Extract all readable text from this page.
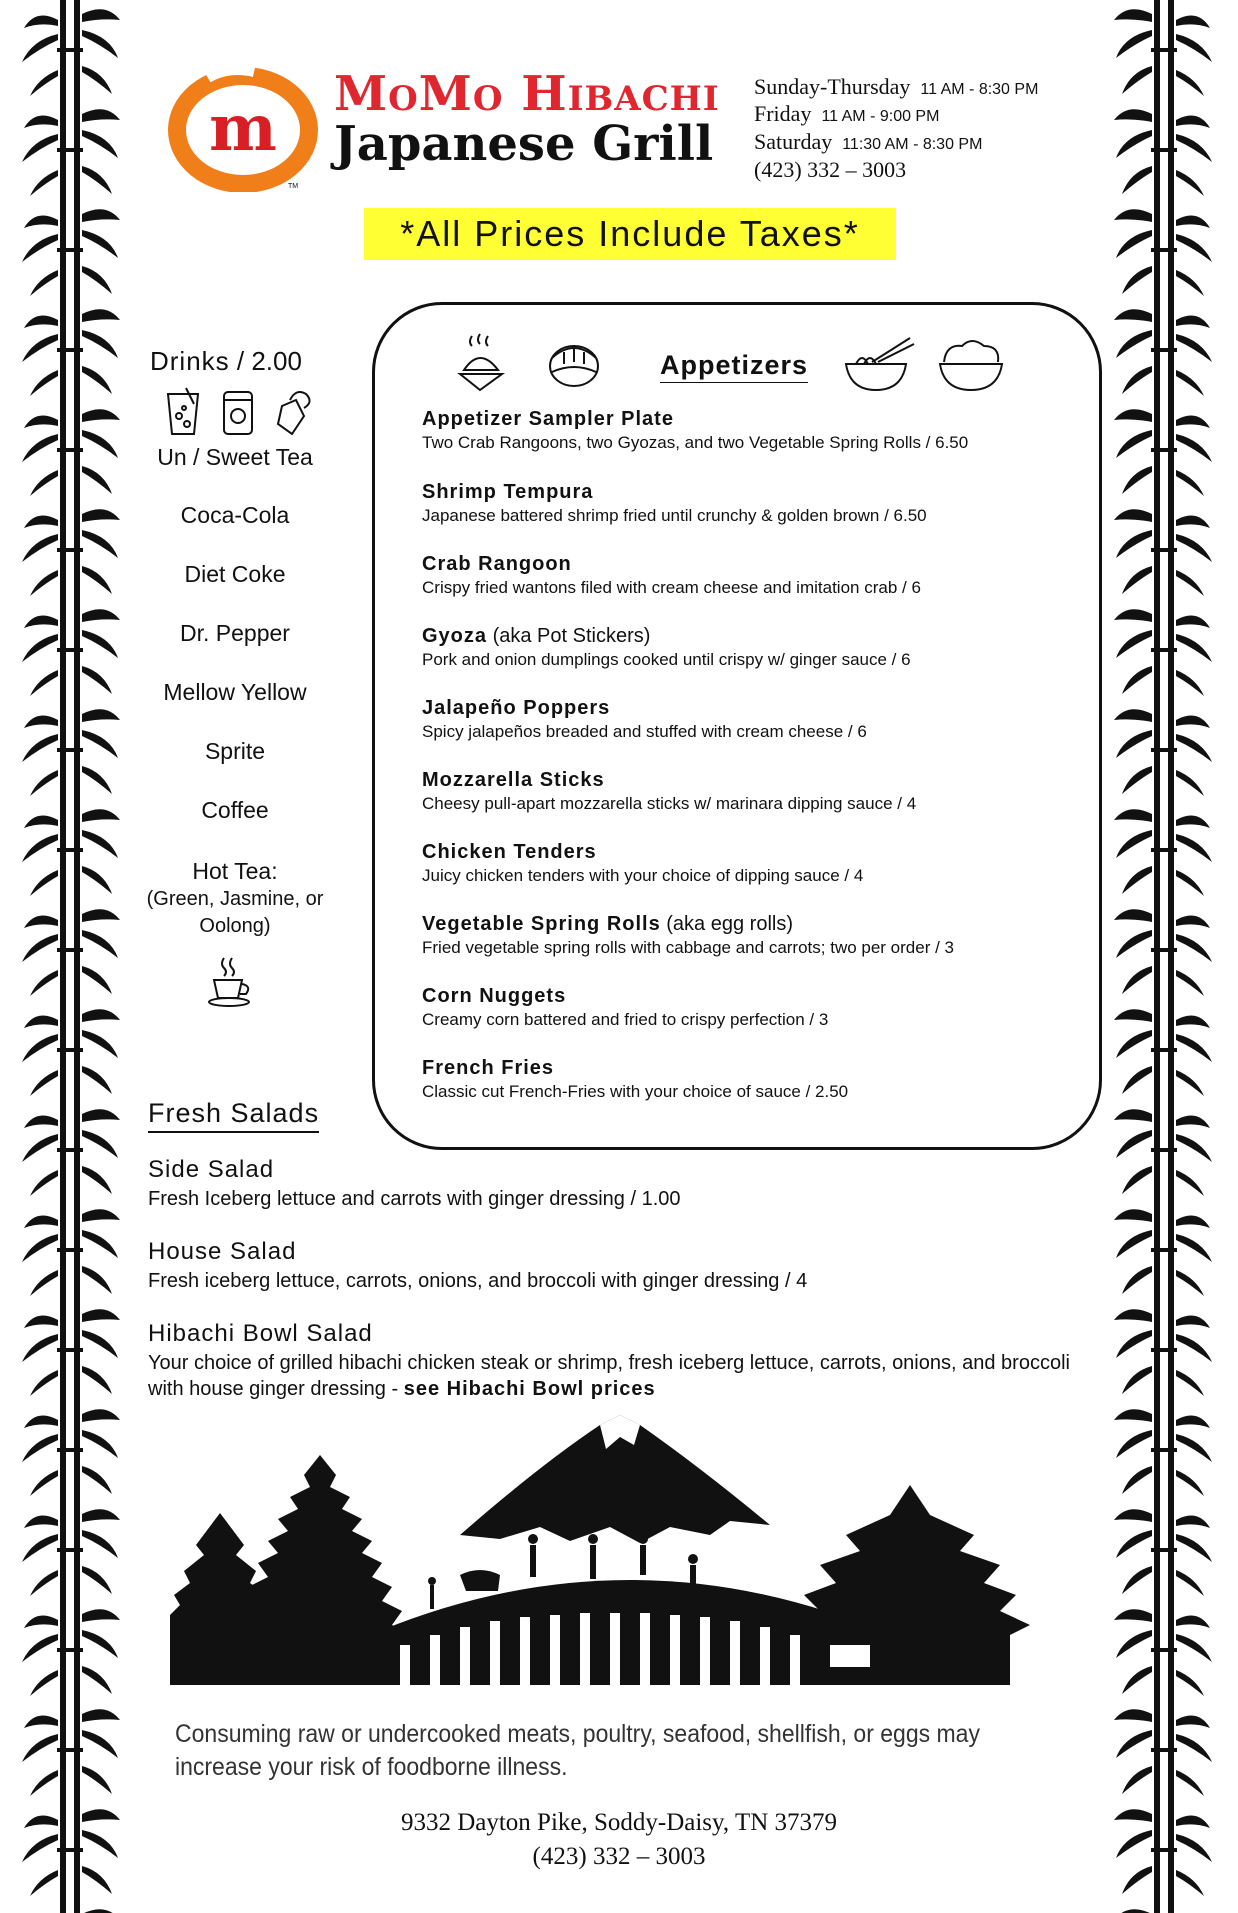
m
TM
MoMo Hibachi
Japanese Grill
Sunday-Thursday 11 AM - 8:30 PM
Friday 11 AM - 9:00 PM
Saturday 11:30 AM - 8:30 PM
(423) 332 – 3003
*All Prices Include Taxes*
Drinks / 2.00
Un / Sweet Tea
Coca-Cola
Diet Coke
Dr. Pepper
Mellow Yellow
Sprite
Coffee
Hot Tea:
(Green, Jasmine, or Oolong)
Appetizers
Appetizer Sampler Plate
Two Crab Rangoons, two Gyozas, and two Vegetable Spring Rolls / 6.50
Shrimp Tempura
Japanese battered shrimp fried until crunchy & golden brown / 6.50
Crab Rangoon
Crispy fried wantons filed with cream cheese and imitation crab / 6
Gyoza (aka Pot Stickers)
Pork and onion dumplings cooked until crispy w/ ginger sauce / 6
Jalapeño Poppers
Spicy jalapeños breaded and stuffed with cream cheese / 6
Mozzarella Sticks
Cheesy pull-apart mozzarella sticks w/ marinara dipping sauce / 4
Chicken Tenders
Juicy chicken tenders with your choice of dipping sauce / 4
Vegetable Spring Rolls (aka egg rolls)
Fried vegetable spring rolls with cabbage and carrots; two per order / 3
Corn Nuggets
Creamy corn battered and fried to crispy perfection / 3
French Fries
Classic cut French-Fries with your choice of sauce / 2.50
Fresh Salads
Side Salad
Fresh Iceberg lettuce and carrots with ginger dressing / 1.00
House Salad
Fresh iceberg lettuce, carrots, onions, and broccoli with ginger dressing / 4
Hibachi Bowl Salad
Your choice of grilled hibachi chicken steak or shrimp, fresh iceberg lettuce, carrots, onions, and broccoli with house ginger dressing - see Hibachi Bowl prices
Consuming raw or undercooked meats, poultry, seafood, shellfish, or eggs may increase your risk of foodborne illness.
9332 Dayton Pike, Soddy-Daisy, TN 37379
(423) 332 – 3003
